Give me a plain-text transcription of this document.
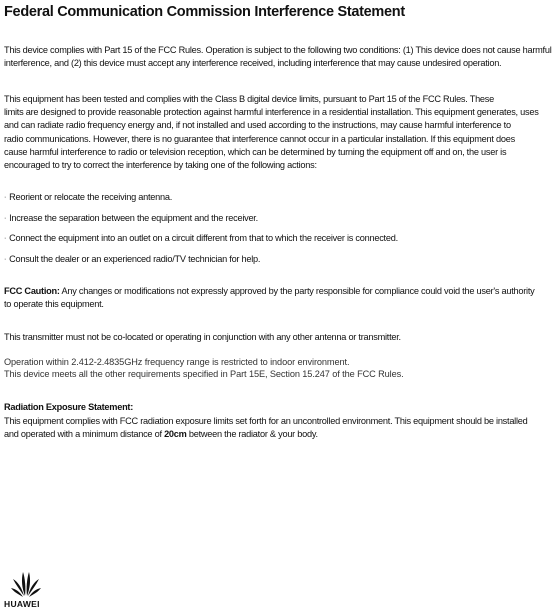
Federal Communication Commission Interference Statement

This device complies with Part 15 of the FCC Rules. Operation is subject to the following two conditions: (1) This device does not cause harmful
interference, and (2) this device must accept any interference received, including interference that may cause undesired operation.

This equipment has been tested and complies with the Class B digital device limits, pursuant to Part 15 of the FCC Rules. These
limits are designed to provide reasonable protection against harmful interference in a residential installation. This equipment generates, uses
and can radiate radio frequency energy and, if not installed and used according to the instructions, may cause harmful interference to
radio communications. However, there is no guarantee that interference cannot occur in a particular installation. If this equipment does
cause harmful interference to radio or television reception, which can be determined by turning the equipment off and on, the user is
encouraged to try to correct the interference by taking one of the following actions:

· Reorient or relocate the receiving antenna.
· Increase the separation between the equipment and the receiver.
· Connect the equipment into an outlet on a circuit different from that to which the receiver is connected.
· Consult the dealer or an experienced radio/TV technician for help.

FCC Caution: Any changes or modifications not expressly approved by the party responsible for compliance could void the user's authority
to operate this equipment.

This transmitter must not be co-located or operating in conjunction with any other antenna or transmitter.

Operation within 2.412-2.4835GHz frequency range is restricted to indoor environment.
This device meets all the other requirements specified in Part 15E, Section 15.247 of the FCC Rules.

Radiation Exposure Statement:

This equipment complies with FCC radiation exposure limits set forth for an uncontrolled environment. This equipment should be installed
and operated with a minimum distance of 20cm between the radiator & your body.

HUAWEI
